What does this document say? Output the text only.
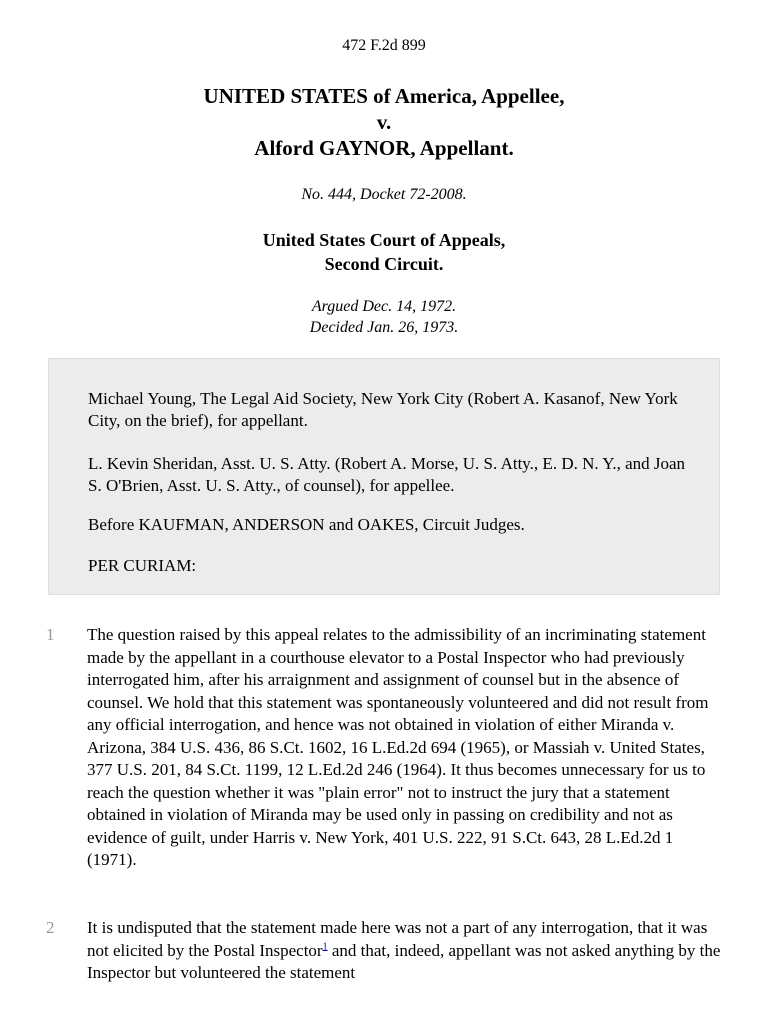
472 F.2d 899
UNITED STATES of America, Appellee,
v.
Alford GAYNOR, Appellant.
No. 444, Docket 72-2008.
United States Court of Appeals,
Second Circuit.
Argued Dec. 14, 1972.
Decided Jan. 26, 1973.

Michael Young, The Legal Aid Society, New York City (Robert A. Kasanof, New York City, on the brief), for appellant.

L. Kevin Sheridan, Asst. U. S. Atty. (Robert A. Morse, U. S. Atty., E. D. N. Y., and Joan S. O'Brien, Asst. U. S. Atty., of counsel), for appellee.

Before KAUFMAN, ANDERSON and OAKES, Circuit Judges.

PER CURIAM:

1 The question raised by this appeal relates to the admissibility of an incriminating statement made by the appellant in a courthouse elevator to a Postal Inspector who had previously interrogated him, after his arraignment and assignment of counsel but in the absence of counsel. We hold that this statement was spontaneously volunteered and did not result from any official interrogation, and hence was not obtained in violation of either Miranda v. Arizona, 384 U.S. 436, 86 S.Ct. 1602, 16 L.Ed.2d 694 (1965), or Massiah v. United States, 377 U.S. 201, 84 S.Ct. 1199, 12 L.Ed.2d 246 (1964). It thus becomes unnecessary for us to reach the question whether it was "plain error" not to instruct the jury that a statement obtained in violation of Miranda may be used only in passing on credibility and not as evidence of guilt, under Harris v. New York, 401 U.S. 222, 91 S.Ct. 643, 28 L.Ed.2d 1 (1971).

2 It is undisputed that the statement made here was not a part of any interrogation, that it was not elicited by the Postal Inspector$^1$ and that, indeed, appellant was not asked anything by the Inspector but volunteered the statement
